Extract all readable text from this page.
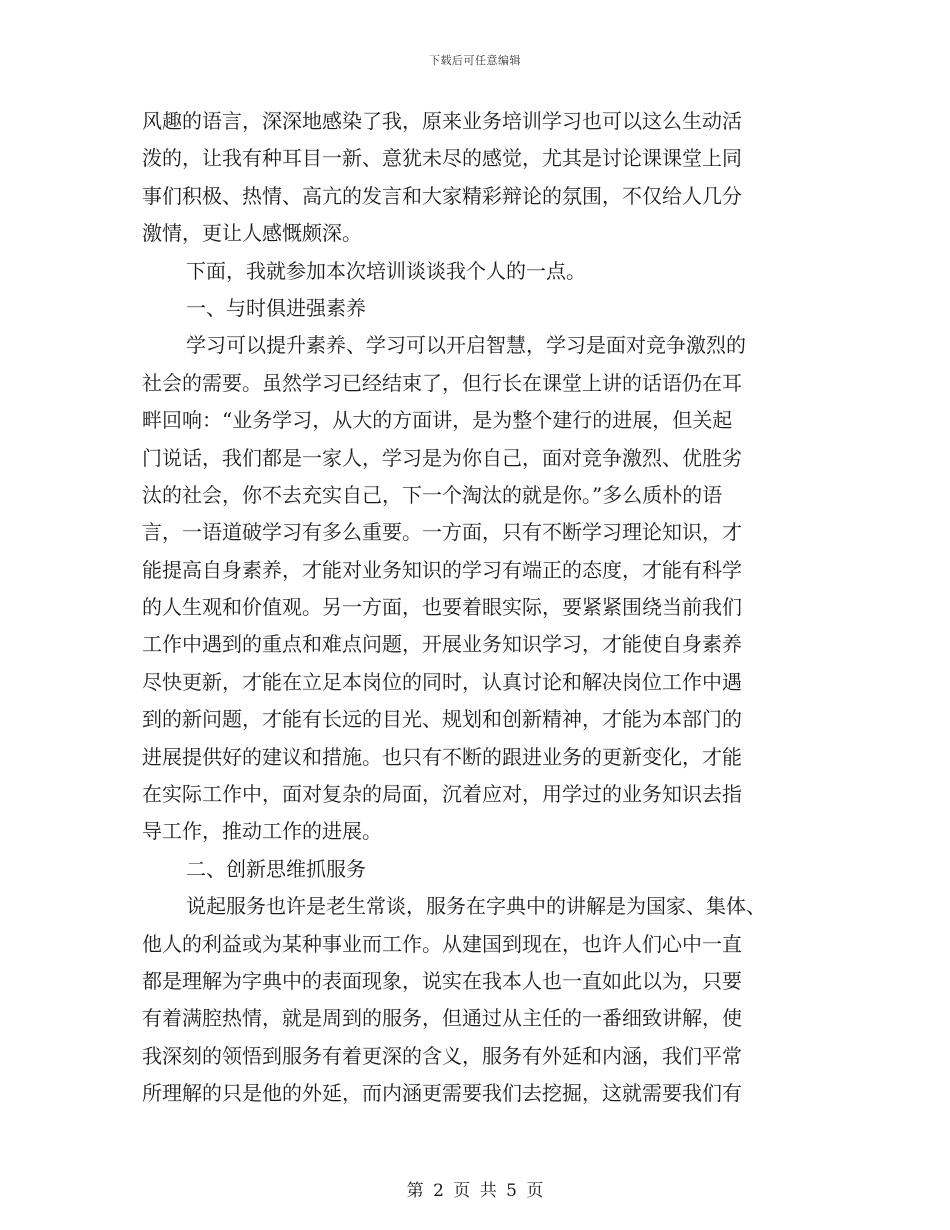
下载后可任意编辑
风趣的语言，深深地感染了我，原来业务培训学习也可以这么生动活
泼的，让我有种耳目一新、意犹未尽的感觉，尤其是讨论课课堂上同
事们积极、热情、高亢的发言和大家精彩辩论的氛围，不仅给人几分
激情，更让人感慨颇深。
下面，我就参加本次培训谈谈我个人的一点。
一、与时俱进强素养
学习可以提升素养、学习可以开启智慧，学习是面对竞争激烈的
社会的需要。虽然学习已经结束了，但行长在课堂上讲的话语仍在耳
畔回响：“业务学习，从大的方面讲，是为整个建行的进展，但关起
门说话，我们都是一家人，学习是为你自己，面对竞争激烈、优胜劣
汰的社会，你不去充实自己，下一个淘汰的就是你。”多么质朴的语
言，一语道破学习有多么重要。一方面，只有不断学习理论知识，才
能提高自身素养，才能对业务知识的学习有端正的态度，才能有科学
的人生观和价值观。另一方面，也要着眼实际，要紧紧围绕当前我们
工作中遇到的重点和难点问题，开展业务知识学习，才能使自身素养
尽快更新，才能在立足本岗位的同时，认真讨论和解决岗位工作中遇
到的新问题，才能有长远的目光、规划和创新精神，才能为本部门的
进展提供好的建议和措施。也只有不断的跟进业务的更新变化，才能
在实际工作中，面对复杂的局面，沉着应对，用学过的业务知识去指
导工作，推动工作的进展。
二、创新思维抓服务
说起服务也许是老生常谈，服务在字典中的讲解是为国家、集体、
他人的利益或为某种事业而工作。从建国到现在，也许人们心中一直
都是理解为字典中的表面现象，说实在我本人也一直如此以为，只要
有着满腔热情，就是周到的服务，但通过从主任的一番细致讲解，使
我深刻的领悟到服务有着更深的含义，服务有外延和内涵，我们平常
所理解的只是他的外延，而内涵更需要我们去挖掘，这就需要我们有
第 2 页 共 5 页
